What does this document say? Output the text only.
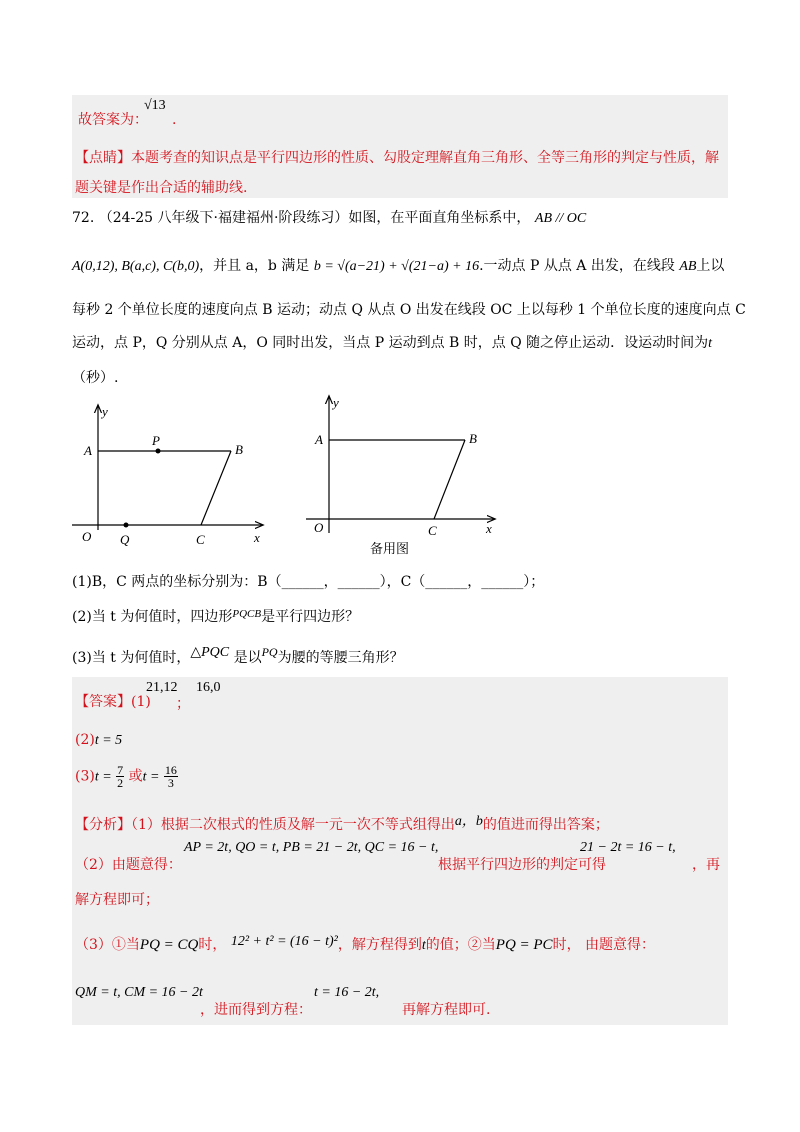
故答案为：
√13
.
【点睛】本题考查的知识点是平行四边形的性质、勾股定理解直角三角形、全等三角形的判定与性质，解
题关键是作出合适的辅助线.
72. （24-25 八年级下·福建福州·阶段练习）如图，在平面直角坐标系中， AB // OC
A(0,12), B(a,c), C(b,0)，并且 a，b 满足 b = √(a−21) + √(21−a) + 16.一动点 P 从点 A 出发，在线段 AB上以
每秒 2 个单位长度的速度向点 B 运动；动点 Q 从点 O 出发在线段 OC 上以每秒 1 个单位长度的速度向点 C
运动，点 P，Q 分别从点 A，O 同时出发，当点 P 运动到点 B 时，点 Q 随之停止运动．设运动时间为t
（秒）.
y
A
P
B
O Q	C	x
y
A	B
O	C	x
备用图
(1)B，C 两点的坐标分别为：B（______，______），C（______，______）；
(2)当 t 为何值时，四边形$^{PQCB}$是平行四边形？
(3)当 t 为何值时，△PQC 是以PQ为腰的等腰三角形？
【答案】(1)
21,12
；
16,0
(2)t = 5
$(3)t = \frac{7}{2}$ 或$t = \frac{16}{3}$
【分析】（1）根据二次根式的性质及解一元一次不等式组得出a，b的值进而得出答案；
（2）由题意得：
AP = 2t, QO = t, PB = 21 − 2t, QC = 16 − t,
根据平行四边形的判定可得
21 − 2t = 16 − t,
，再
解方程即可；
（3）①当PQ = CQ时， 12² + t² = (16 − t)²，解方程得到t的值；②当PQ = PC时， 由题意得：
QM = t, CM = 16 − 2t
，进而得到方程：
t = 16 − 2t,
再解方程即可.
